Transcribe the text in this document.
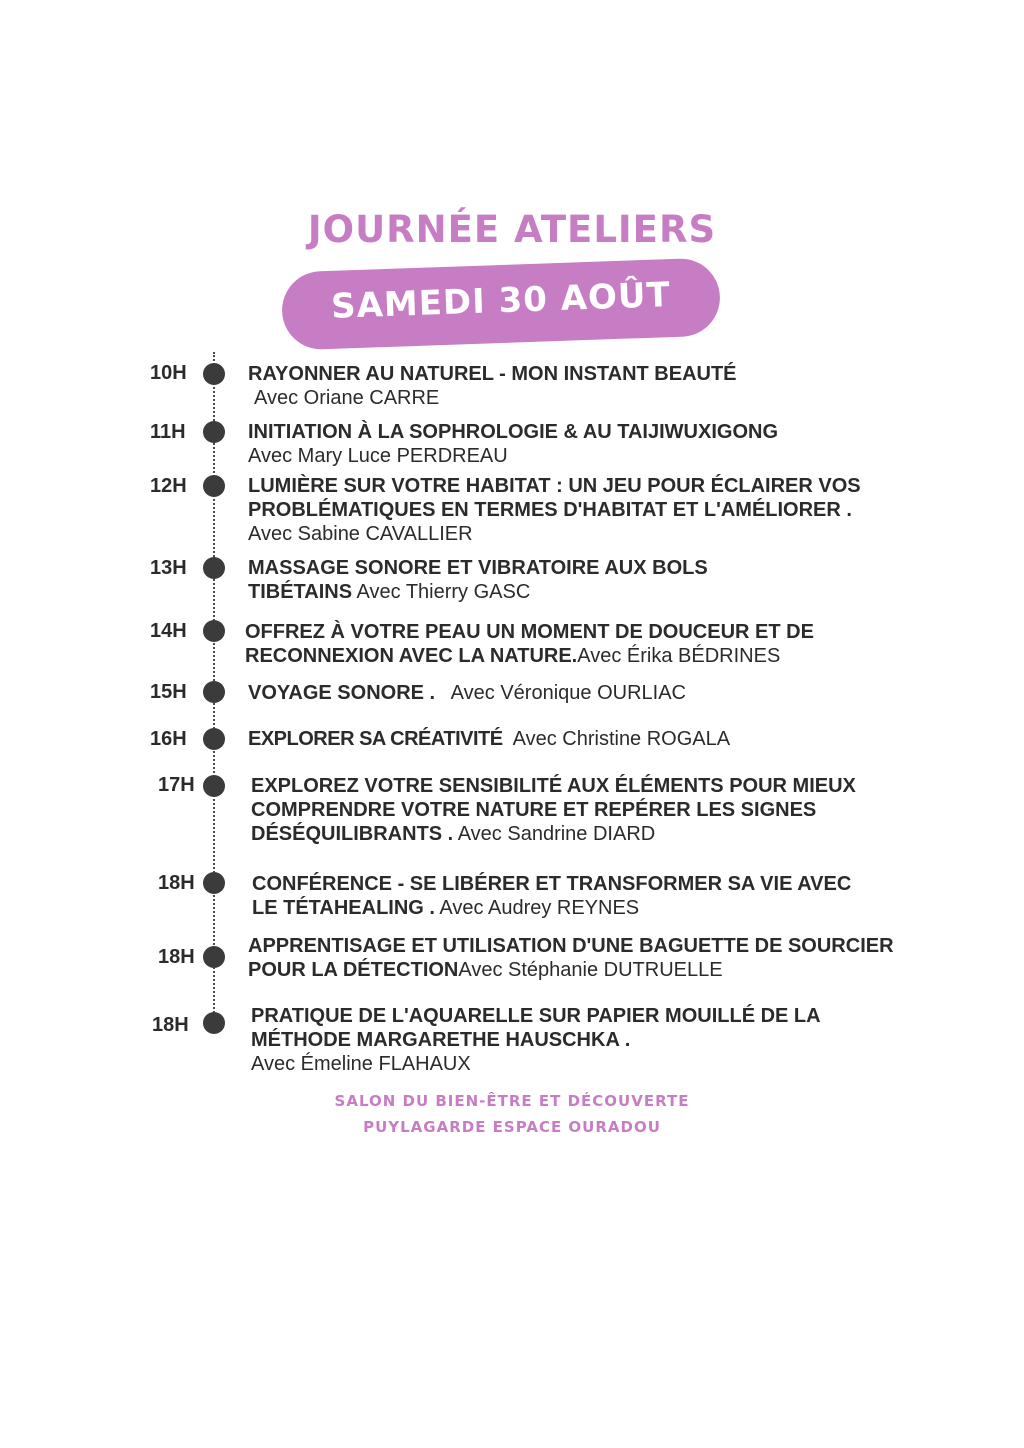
JOURNÉE ATELIERS
SAMEDI 30 AOÛT
10H	RAYONNER AU NATUREL - MON INSTANT BEAUTÉ
Avec Oriane CARRE
11H	INITIATION À LA SOPHROLOGIE & AU TAIJIWUXIGONG
Avec Mary Luce PERDREAU
12H	LUMIÈRE SUR VOTRE HABITAT : UN JEU POUR ÉCLAIRER VOS PROBLÉMATIQUES EN TERMES D'HABITAT ET L'AMÉLIORER . Avec Sabine CAVALLIER
13H	MASSAGE SONORE ET VIBRATOIRE AUX BOLS TIBÉTAINS Avec Thierry GASC
14H	OFFREZ À VOTRE PEAU UN MOMENT DE DOUCEUR ET DE RECONNEXION AVEC LA NATURE.Avec Érika BÉDRINES
15H	VOYAGE SONORE . Avec Véronique OURLIAC
16H	EXPLORER SA CRÉATIVITÉ Avec Christine ROGALA
17H	EXPLOREZ VOTRE SENSIBILITÉ AUX ÉLÉMENTS POUR MIEUX COMPRENDRE VOTRE NATURE ET REPÉRER LES SIGNES DÉSÉQUILIBRANTS . Avec Sandrine DIARD
18H	CONFÉRENCE - SE LIBÉRER ET TRANSFORMER SA VIE AVEC LE TÉTAHEALING . Avec Audrey REYNES
18H	APPRENTISAGE ET UTILISATION D'UNE BAGUETTE DE SOURCIER POUR LA DÉTECTIONAvec Stéphanie DUTRUELLE
18H	PRATIQUE DE L'AQUARELLE SUR PAPIER MOUILLÉ DE LA MÉTHODE MARGARETHE HAUSCHKA .
Avec Émeline FLAHAUX
SALON DU BIEN-ÊTRE ET DÉCOUVERTE
PUYLAGARDE ESPACE OURADOU
